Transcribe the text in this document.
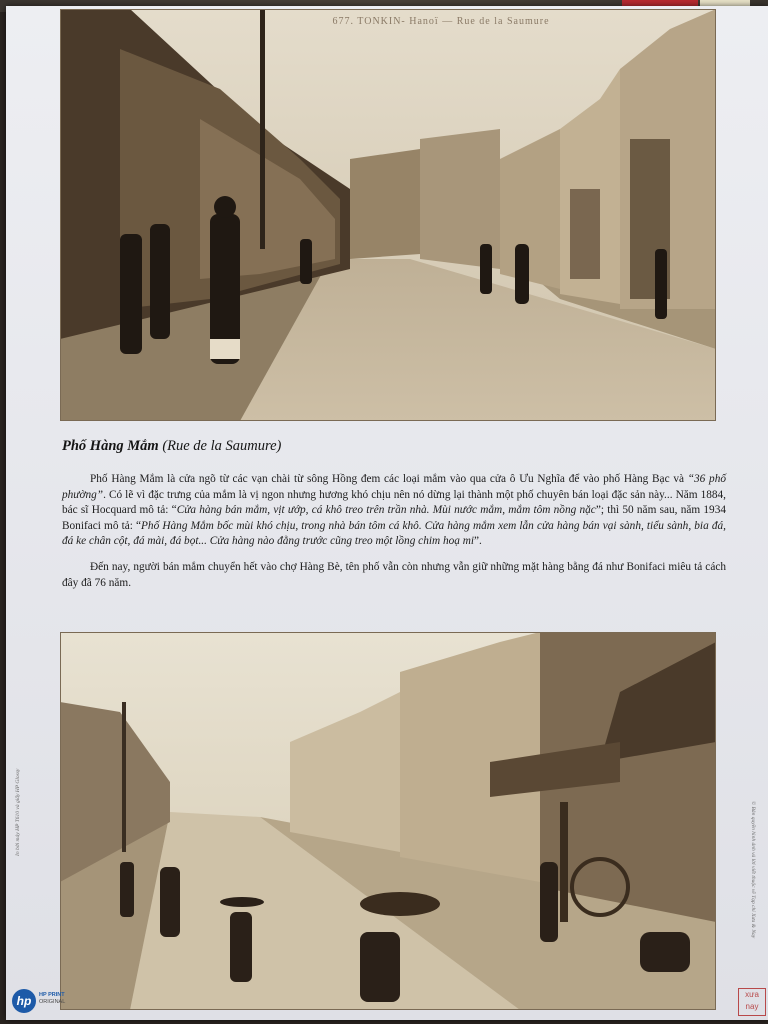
677. TONKIN- Hanoï — Rue de la Saumure
Phố Hàng Mắm (Rue de la Saumure)

Phố Hàng Mắm là cửa ngõ từ các vạn chài từ sông Hồng đem các loại mắm vào qua cửa ô Ưu Nghĩa để vào phố Hàng Bạc và “36 phố phường”. Có lẽ vì đặc trưng của mắm là vị ngon nhưng hương khó chịu nên nó dừng lại thành một phố chuyên bán loại đặc sản này... Năm 1884, bác sĩ Hocquard mô tả: “Cửa hàng bán mắm, vịt ướp, cá khô treo trên trần nhà. Mùi nước mắm, mắm tôm nồng nặc”; thì 50 năm sau, năm 1934 Bonifaci mô tả: “Phố Hàng Mắm bốc mùi khó chịu, trong nhà bán tôm cá khô. Cửa hàng mắm xem lẫn cửa hàng bán vại sành, tiểu sành, bia đá, đá ke chân cột, đá mài, đá bọt... Cửa hàng nào đằng trước cũng treo một lồng chim hoạ mi”.

Đến nay, người bán mắm chuyển hết vào chợ Hàng Bè, tên phố vẫn còn nhưng vẫn giữ những mặt hàng bằng đá như Bonifaci miêu tả cách đây đã 76 năm.

In bởi máy HP T610 và giấy HP Glossy	© Bản quyền hình ảnh và lời viết thuộc về Tạp chí Xưa & Nay
hp	HP PRINT
ORIGINAL
xưa nay
